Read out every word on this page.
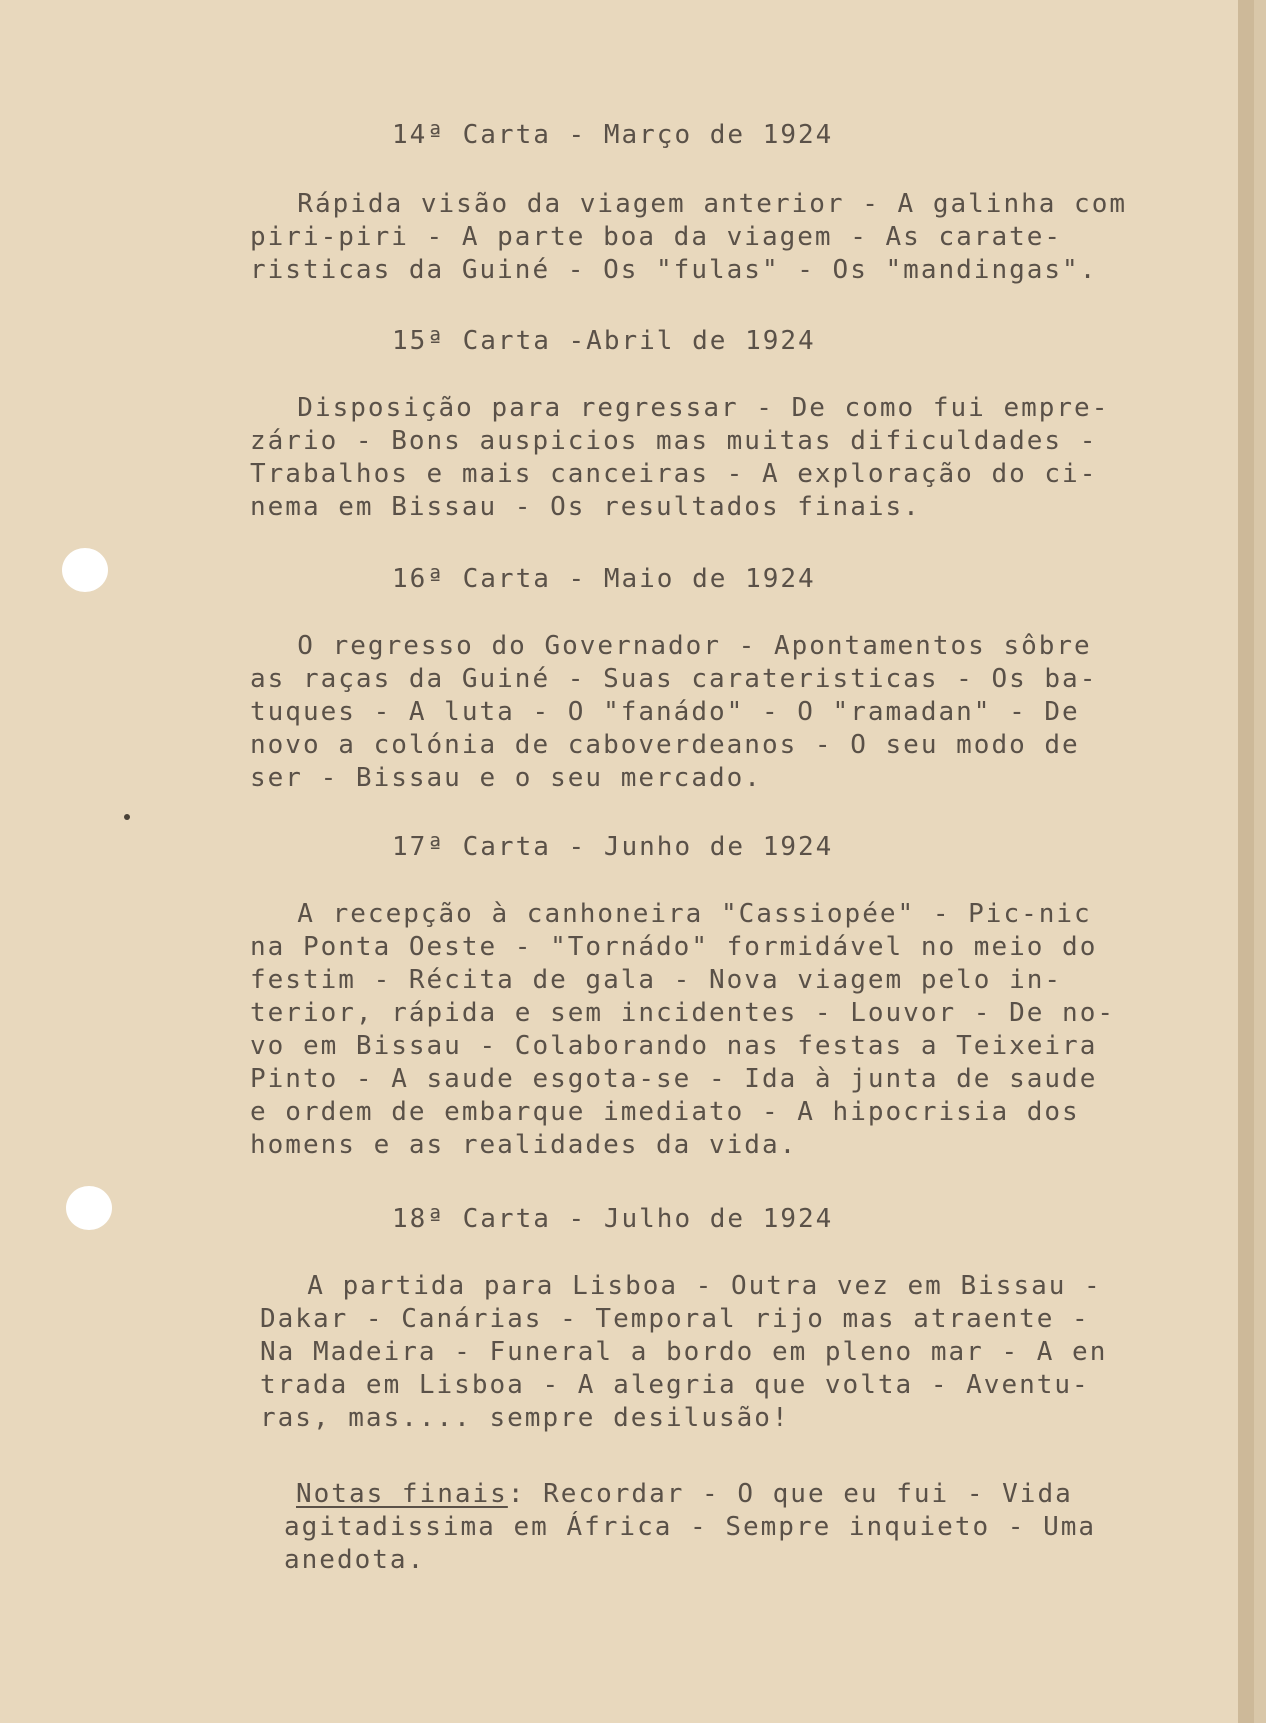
14ª Carta - Março de 1924
Rápida visão da viagem anterior - A galinha com
piri-piri - A parte boa da viagem - As carate-
risticas da Guiné - Os "fulas" - Os "mandingas".
15ª Carta -Abril de 1924
Disposição para regressar - De como fui empre-
zário - Bons auspicios mas muitas dificuldades -
Trabalhos e mais canceiras - A exploração do ci-
nema em Bissau - Os resultados finais.
16ª Carta - Maio de 1924
O regresso do Governador - Apontamentos sôbre
as raças da Guiné - Suas carateristicas - Os ba-
tuques - A luta - O "fanádo" - O "ramadan" - De
novo a colónia de caboverdeanos - O seu modo de
ser - Bissau e o seu mercado.
17ª Carta - Junho de 1924
A recepção à canhoneira "Cassiopée" - Pic-nic
na Ponta Oeste - "Tornádo" formidável no meio do
festim - Récita de gala - Nova viagem pelo in-
terior, rápida e sem incidentes - Louvor - De no-
vo em Bissau - Colaborando nas festas a Teixeira
Pinto - A saude esgota-se - Ida à junta de saude
e ordem de embarque imediato - A hipocrisia dos
homens e as realidades da vida.
18ª Carta - Julho de 1924
A partida para Lisboa - Outra vez em Bissau -
Dakar - Canárias - Temporal rijo mas atraente -
Na Madeira - Funeral a bordo em pleno mar - A en
trada em Lisboa - A alegria que volta - Aventu-
ras, mas.... sempre desilusão!
Notas finais: Recordar - O que eu fui - Vida
agitadissima em África - Sempre inquieto - Uma
anedota.
